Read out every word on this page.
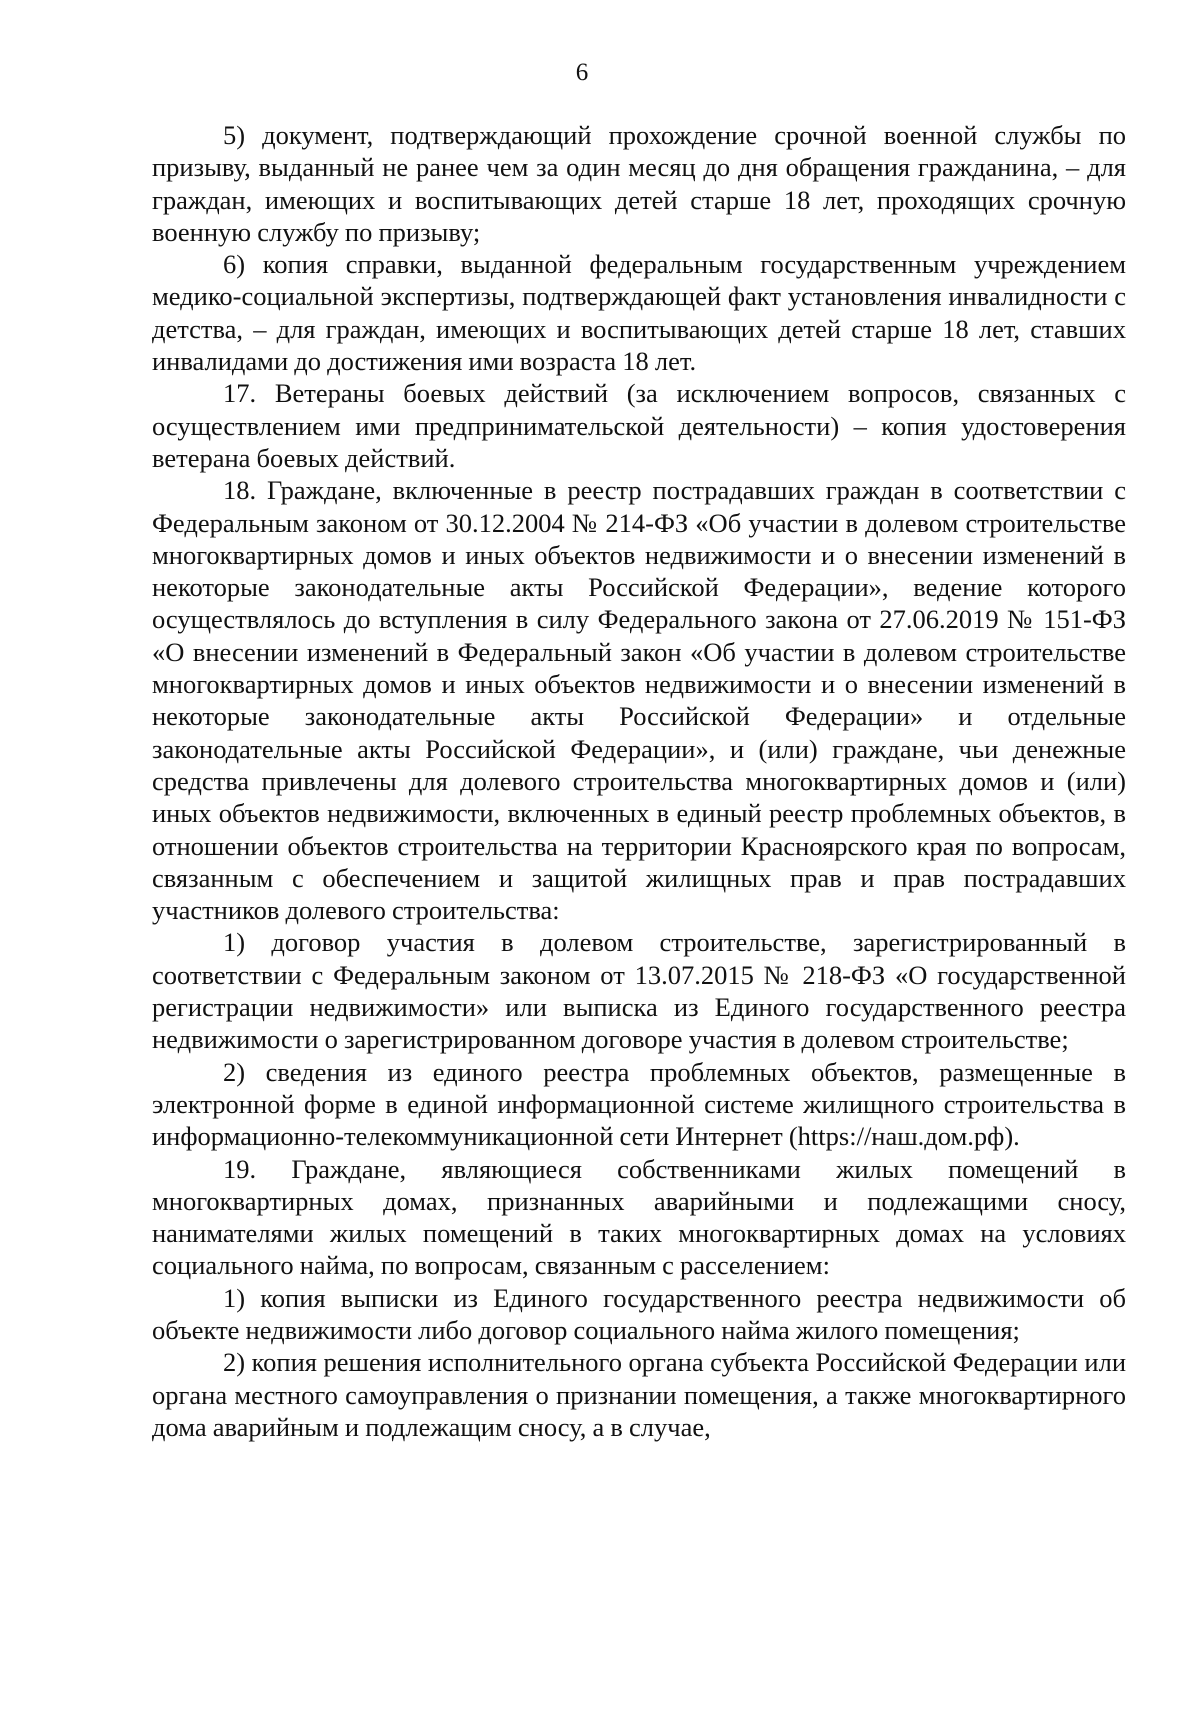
6

5) документ, подтверждающий прохождение срочной военной службы по призыву, выданный не ранее чем за один месяц до дня обращения гражданина, – для граждан, имеющих и воспитывающих детей старше 18 лет, проходящих срочную военную службу по призыву;

6) копия справки, выданной федеральным государственным учреждением медико-социальной экспертизы, подтверждающей факт установления инвалидности с детства, – для граждан, имеющих и воспитывающих детей старше 18 лет, ставших инвалидами до достижения ими возраста 18 лет.

17. Ветераны боевых действий (за исключением вопросов, связанных с осуществлением ими предпринимательской деятельности) – копия удостоверения ветерана боевых действий.

18. Граждане, включенные в реестр пострадавших граждан в соответствии с Федеральным законом от 30.12.2004 № 214-ФЗ «Об участии в долевом строительстве многоквартирных домов и иных объектов недвижимости и о внесении изменений в некоторые законодательные акты Российской Федерации», ведение которого осуществлялось до вступления в силу Федерального закона от 27.06.2019 № 151-ФЗ «О внесении изменений в Федеральный закон «Об участии в долевом строительстве многоквартирных домов и иных объектов недвижимости и о внесении изменений в некоторые законодательные акты Российской Федерации» и отдельные законодательные акты Российской Федерации», и (или) граждане, чьи денежные средства привлечены для долевого строительства многоквартирных домов и (или) иных объектов недвижимости, включенных в единый реестр проблемных объектов, в отношении объектов строительства на территории Красноярского края по вопросам, связанным с обеспечением и защитой жилищных прав и прав пострадавших участников долевого строительства:

1) договор участия в долевом строительстве, зарегистрированный в соответствии с Федеральным законом от 13.07.2015 № 218-ФЗ «О государственной регистрации недвижимости» или выписка из Единого государственного реестра недвижимости о зарегистрированном договоре участия в долевом строительстве;

2) сведения из единого реестра проблемных объектов, размещенные в электронной форме в единой информационной системе жилищного строительства в информационно-телекоммуникационной сети Интернет (https://наш.дом.рф).

19. Граждане, являющиеся собственниками жилых помещений в многоквартирных домах, признанных аварийными и подлежащими сносу, нанимателями жилых помещений в таких многоквартирных домах на условиях социального найма, по вопросам, связанным с расселением:

1) копия выписки из Единого государственного реестра недвижимости об объекте недвижимости либо договор социального найма жилого помещения;

2) копия решения исполнительного органа субъекта Российской Федерации или органа местного самоуправления о признании помещения, а также многоквартирного дома аварийным и подлежащим сносу, а в случае,
